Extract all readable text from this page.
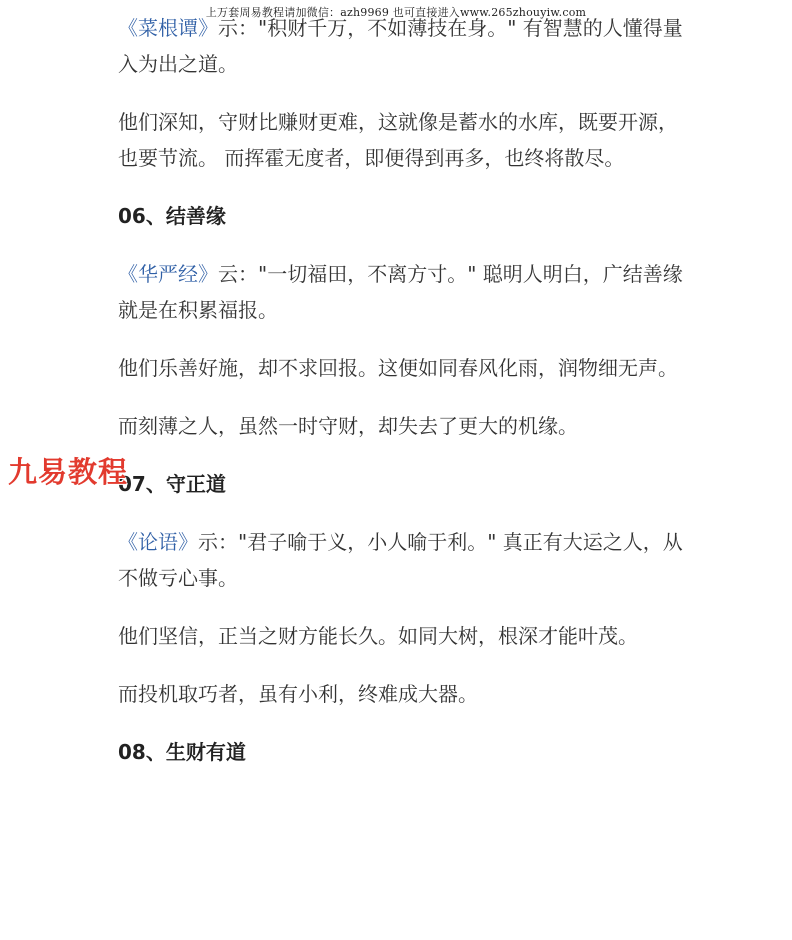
上万套周易教程请加微信：azh9969 也可直接进入www.265zhouyiw.com

《菜根谭》示："积财千万，不如薄技在身。" 有智慧的人懂得量入为出之道。

他们深知，守财比赚财更难，这就像是蓄水的水库，既要开源，也要节流。 而挥霍无度者，即便得到再多，也终将散尽。

06、结善缘

《华严经》云："一切福田，不离方寸。" 聪明人明白，广结善缘就是在积累福报。

他们乐善好施，却不求回报。这便如同春风化雨，润物细无声。

而刻薄之人，虽然一时守财，却失去了更大的机缘。

07、守正道

《论语》示："君子喻于义，小人喻于利。" 真正有大运之人，从不做亏心事。

他们坚信，正当之财方能长久。如同大树，根深才能叶茂。

而投机取巧者，虽有小利，终难成大器。

08、生财有道
九易教程
